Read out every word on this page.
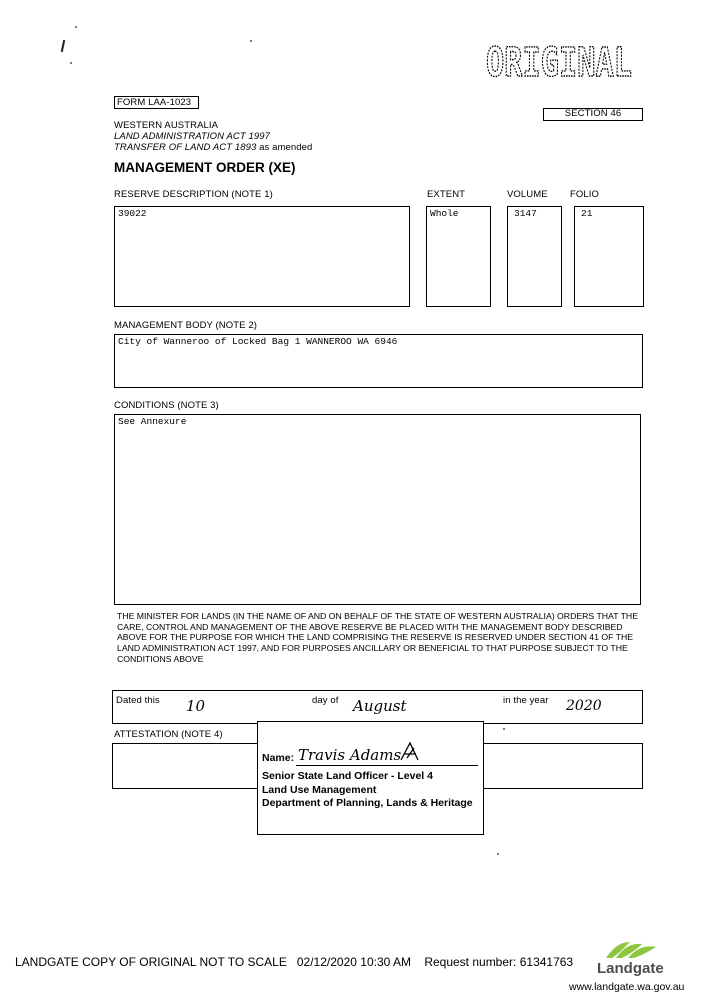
ORIGINAL
FORM LAA-1023
SECTION 46
WESTERN AUSTRALIA
LAND ADMINISTRATION ACT 1997
TRANSFER OF LAND ACT 1893 as amended
MANAGEMENT ORDER (XE)
RESERVE DESCRIPTION (NOTE 1)	EXTENT	VOLUME FOLIO
39022	Whole	3147	21
MANAGEMENT BODY (NOTE 2)
City of Wanneroo of Locked Bag 1 WANNEROO WA 6946
CONDITIONS (NOTE 3)
See Annexure
THE MINISTER FOR LANDS (IN THE NAME OF AND ON BEHALF OF THE STATE OF WESTERN AUSTRALIA) ORDERS THAT THE CARE, CONTROL AND MANAGEMENT OF THE ABOVE RESERVE BE PLACED WITH THE MANAGEMENT BODY DESCRIBED ABOVE FOR THE PURPOSE FOR WHICH THE LAND COMPRISING THE RESERVE IS RESERVED UNDER SECTION 41 OF THE LAND ADMINISTRATION ACT 1997, AND FOR PURPOSES ANCILLARY OR BENEFICIAL TO THAT PURPOSE SUBJECT TO THE CONDITIONS ABOVE
Dated this 10	day of August	in the year 2020
ATTESTATION (NOTE 4)
Name: Travis Adams
Senior State Land Officer - Level 4
Land Use Management
Department of Planning, Lands & Heritage
LANDGATE COPY OF ORIGINAL NOT TO SCALE 02/12/2020 10:30 AM Request number: 61341763 Landgate
www.landgate.wa.gov.au
